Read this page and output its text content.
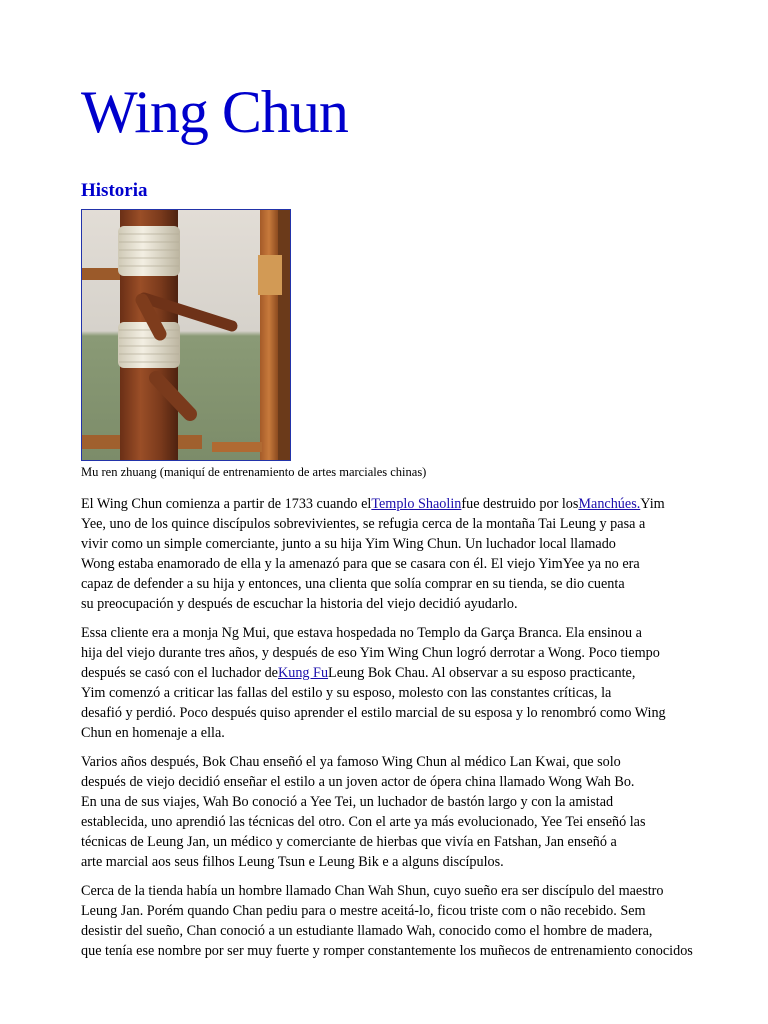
Wing Chun
Historia
Mu ren zhuang (maniquí de entrenamiento de artes marciales chinas)

El Wing Chun comienza a partir de 1733 cuando elTemplo Shaolinfue destruido por losManchúes.Yim
Yee, uno de los quince discípulos sobrevivientes, se refugia cerca de la montaña Tai Leung y pasa a
vivir como un simple comerciante, junto a su hija Yim Wing Chun. Un luchador local llamado
Wong estaba enamorado de ella y la amenazó para que se casara con él. El viejo YimYee ya no era
capaz de defender a su hija y entonces, una clienta que solía comprar en su tienda, se dio cuenta
su preocupación y después de escuchar la historia del viejo decidió ayudarlo.

Essa cliente era a monja Ng Mui, que estava hospedada no Templo da Garça Branca. Ela ensinou a
hija del viejo durante tres años, y después de eso Yim Wing Chun logró derrotar a Wong. Poco tiempo
después se casó con el luchador deKung FuLeung Bok Chau. Al observar a su esposo practicante,
Yim comenzó a criticar las fallas del estilo y su esposo, molesto con las constantes críticas, la
desafió y perdió. Poco después quiso aprender el estilo marcial de su esposa y lo renombró como Wing
Chun en homenaje a ella.

Varios años después, Bok Chau enseñó el ya famoso Wing Chun al médico Lan Kwai, que solo
después de viejo decidió enseñar el estilo a un joven actor de ópera china llamado Wong Wah Bo.
En una de sus viajes, Wah Bo conoció a Yee Tei, un luchador de bastón largo y con la amistad
establecida, uno aprendió las técnicas del otro. Con el arte ya más evolucionado, Yee Tei enseñó las
técnicas de Leung Jan, un médico y comerciante de hierbas que vivía en Fatshan, Jan enseñó a
arte marcial aos seus filhos Leung Tsun e Leung Bik e a alguns discípulos.

Cerca de la tienda había un hombre llamado Chan Wah Shun, cuyo sueño era ser discípulo del maestro
Leung Jan. Porém quando Chan pediu para o mestre aceitá-lo, ficou triste com o não recebido. Sem
desistir del sueño, Chan conoció a un estudiante llamado Wah, conocido como el hombre de madera,
que tenía ese nombre por ser muy fuerte y romper constantemente los muñecos de entrenamiento conocidos
